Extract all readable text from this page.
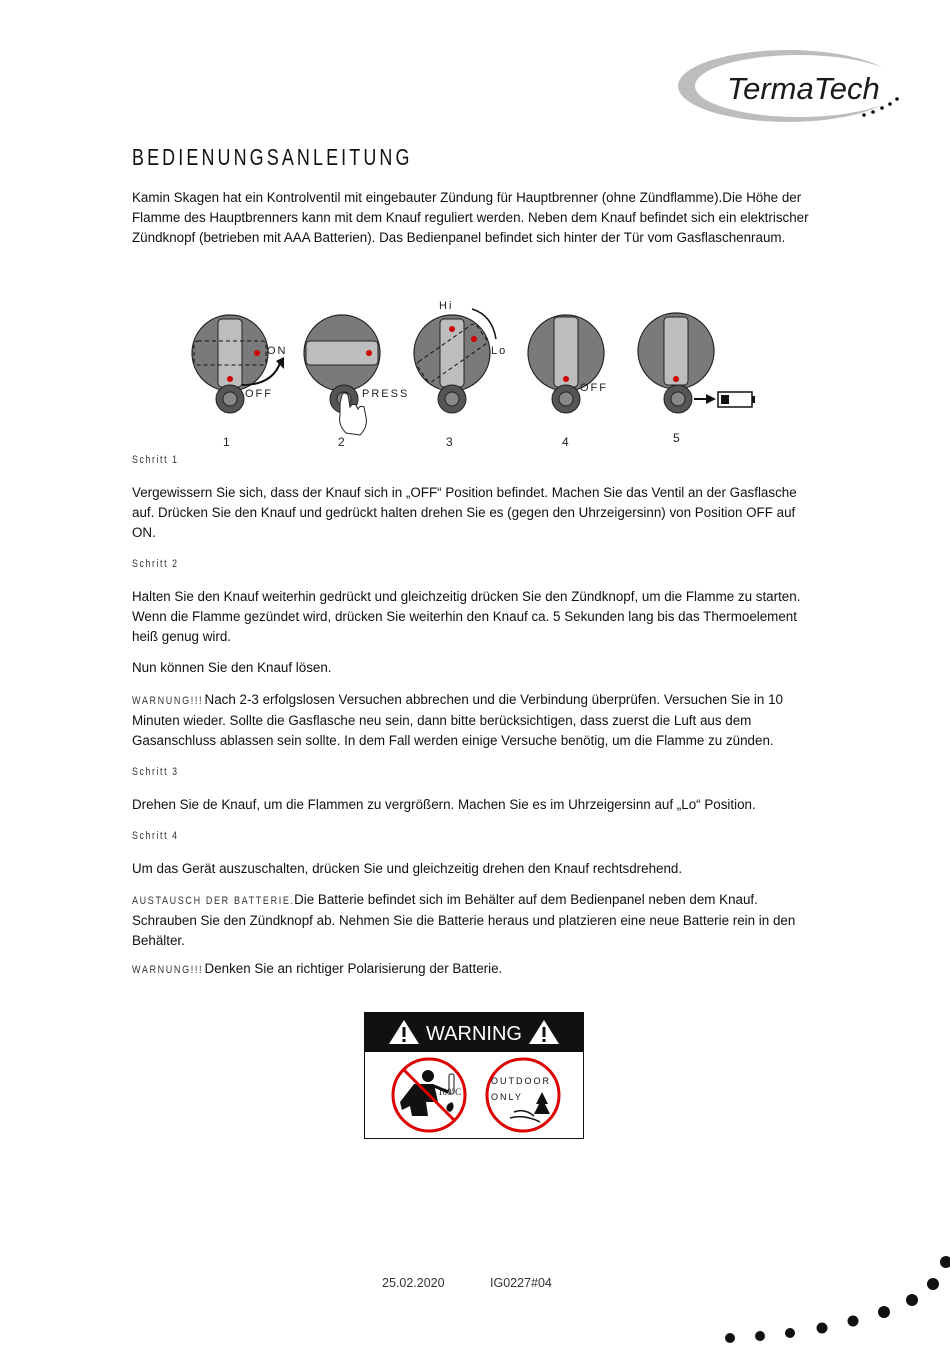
TermaTech
BEDIENUNGSANLEITUNG
Kamin Skagen hat ein Kontrolventil mit eingebauter Zündung für Hauptbrenner (ohne Zündflamme).Die Höhe der Flamme des Hauptbrenners kann mit dem Knauf reguliert werden. Neben dem Knauf befindet sich ein elektrischer Zündknopf (betrieben mit AAA Batterien). Das Bedienpanel befindet sich hinter der Tür vom Gasflaschenraum.
ON
OFF	PRESS
Hi
Lo
OFF
1	2	3	4	5
Schritt 1
Vergewissern Sie sich, dass der Knauf sich in „OFF“ Position befindet. Machen Sie das Ventil an der Gasflasche auf. Drücken Sie den Knauf und gedrückt halten drehen Sie es (gegen den Uhrzeigersinn) von Position OFF auf ON.
Schritt 2
Halten Sie den Knauf weiterhin gedrückt und gleichzeitig drücken Sie den Zündknopf, um die Flamme zu starten. Wenn die Flamme gezündet wird, drücken Sie weiterhin den Knauf ca. 5 Sekunden lang bis das Thermoelement heiß genug wird.
Nun können Sie den Knauf lösen.
WARNUNG!!! Nach 2-3 erfolgslosen Versuchen abbrechen und die Verbindung überprüfen. Versuchen Sie in 10 Minuten wieder. Sollte die Gasflasche neu sein, dann bitte berücksichtigen, dass zuerst die Luft aus dem Gasanschluss ablassen sein sollte. In dem Fall werden einige Versuche benötig, um die Flamme zu zünden.
Schritt 3
Drehen Sie de Knauf, um die Flammen zu vergrößern. Machen Sie es im Uhrzeigersinn auf „Lo“ Position.
Schritt 4
Um das Gerät auszuschalten, drücken Sie und gleichzeitig drehen den Knauf rechtsdrehend.
AUSTAUSCH DER BATTERIE. Die Batterie befindet sich im Behälter auf dem Bedienpanel neben dem Knauf. Schrauben Sie den Zündknopf ab. Nehmen Sie die Batterie heraus und platzieren eine neue Batterie rein in den Behälter.
WARNUNG!!! Denken Sie an richtiger Polarisierung der Batterie.
WARNING
100°C
OUTDOOR
ONLY
25.02.2020	IG0227#04
